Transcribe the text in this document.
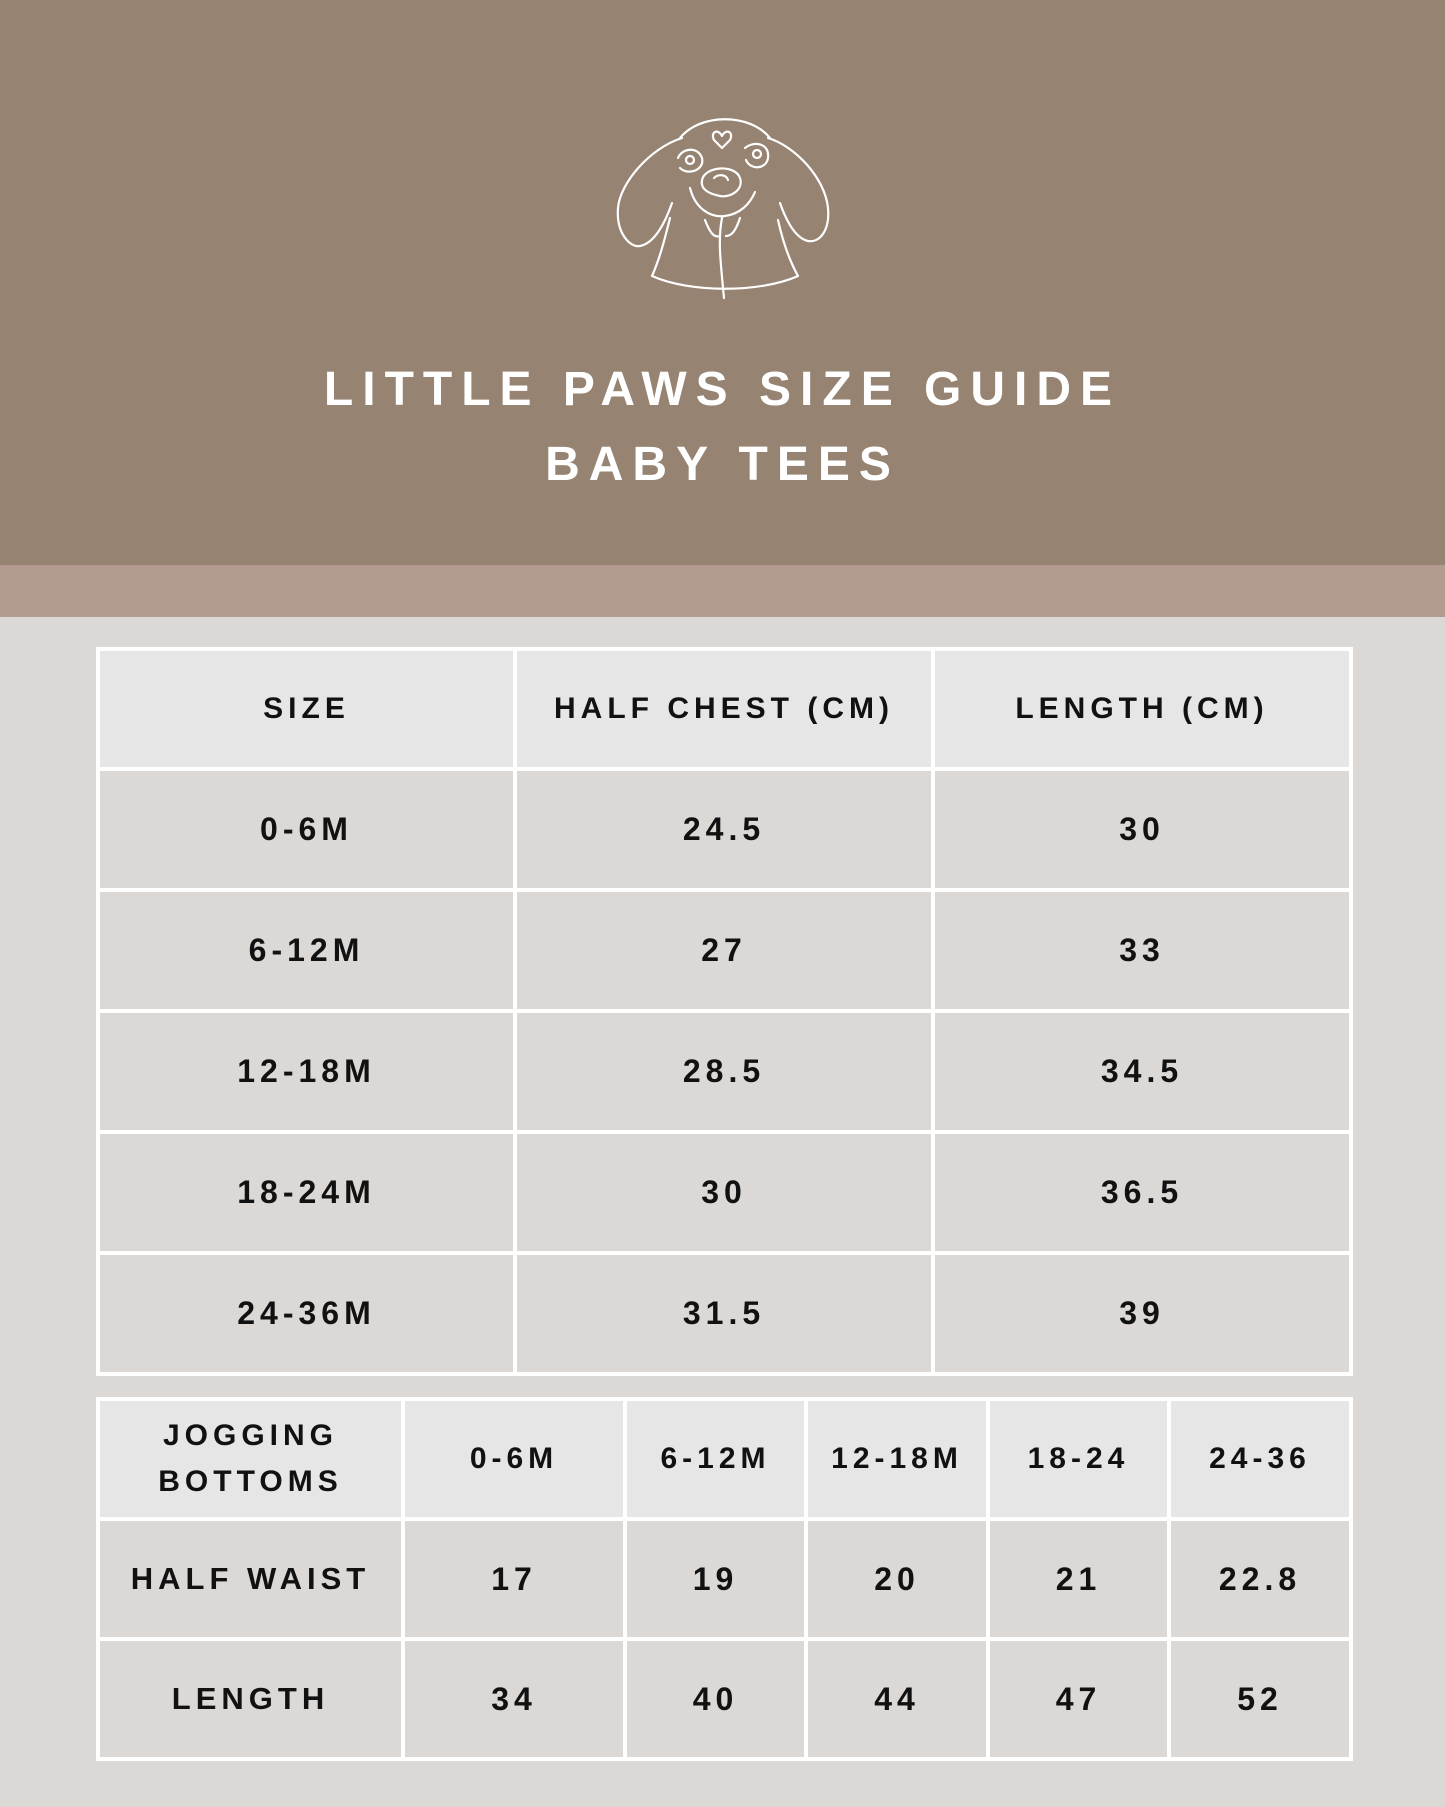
LITTLE PAWS SIZE GUIDE
BABY TEES
SIZE	HALF CHEST (CM)	LENGTH (CM)
0-6M	24.5	30
6-12M	27	33
12-18M	28.5	34.5
18-24M	30	36.5
24-36M	31.5	39
JOGGING
BOTTOMS	0-6M	6-12M	12-18M	18-24	24-36
HALF WAIST	17	19	20	21	22.8
LENGTH	34	40	44	47	52
